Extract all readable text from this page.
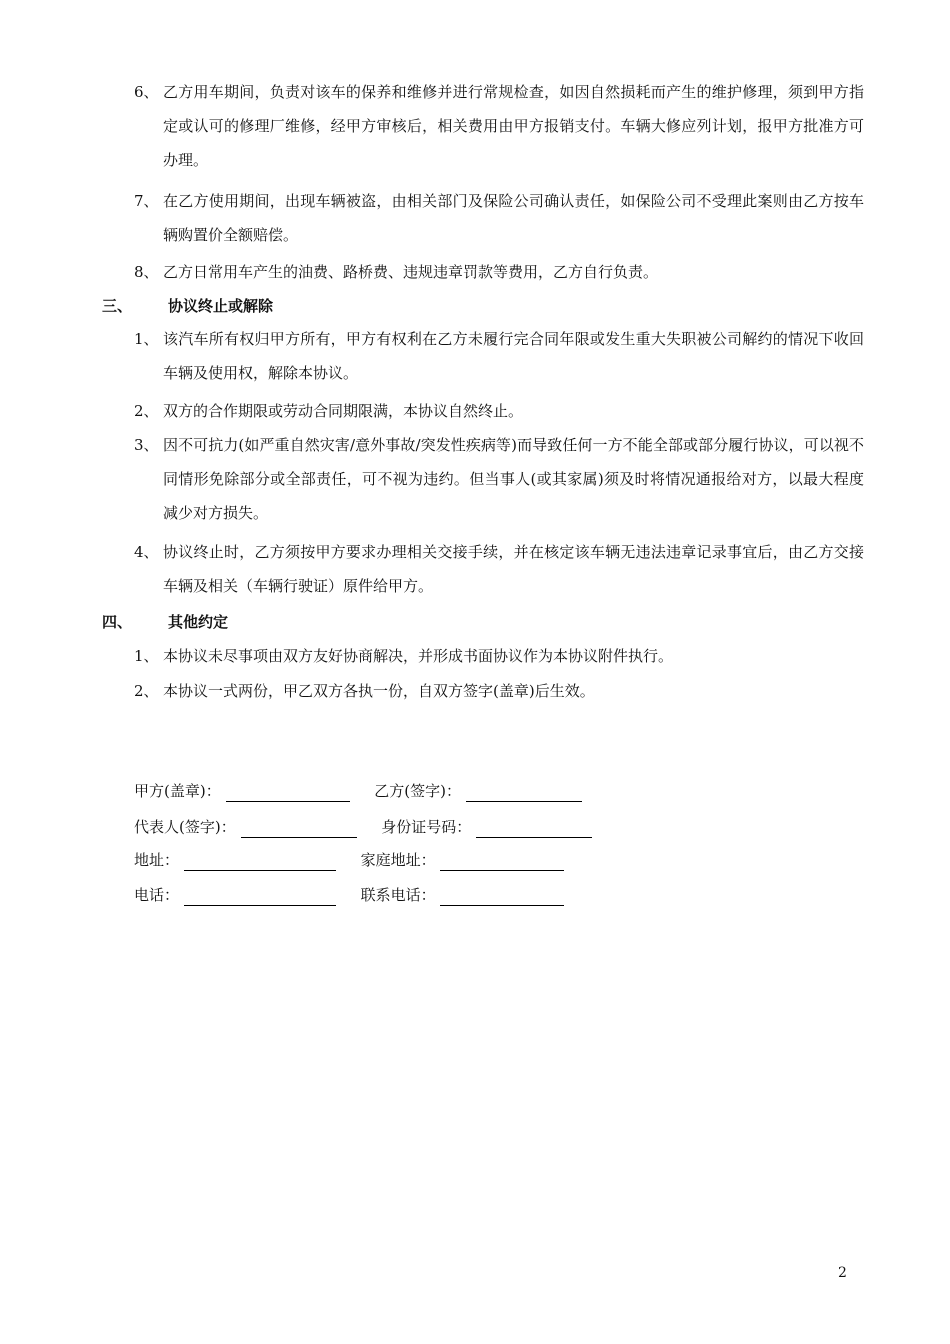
6、 乙方用车期间，负责对该车的保养和维修并进行常规检查，如因自然损耗而产生的维护修理，须到甲方指定或认可的修理厂维修，经甲方审核后，相关费用由甲方报销支付。车辆大修应列计划，报甲方批准方可办理。
7、 在乙方使用期间，出现车辆被盗，由相关部门及保险公司确认责任，如保险公司不受理此案则由乙方按车辆购置价全额赔偿。
8、 乙方日常用车产生的油费、路桥费、违规违章罚款等费用，乙方自行负责。
三、 协议终止或解除
1、 该汽车所有权归甲方所有，甲方有权利在乙方未履行完合同年限或发生重大失职被公司解约的情况下收回车辆及使用权，解除本协议。
2、 双方的合作期限或劳动合同期限满，本协议自然终止。
3、 因不可抗力(如严重自然灾害/意外事故/突发性疾病等)而导致任何一方不能全部或部分履行协议，可以视不同情形免除部分或全部责任，可不视为违约。但当事人(或其家属)须及时将情况通报给对方，以最大程度减少对方损失。
4、 协议终止时，乙方须按甲方要求办理相关交接手续，并在核定该车辆无违法违章记录事宜后，由乙方交接车辆及相关（车辆行驶证）原件给甲方。
四、 其他约定
1、 本协议未尽事项由双方友好协商解决，并形成书面协议作为本协议附件执行。
2、 本协议一式两份，甲乙双方各执一份，自双方签字(盖章)后生效。
甲方(盖章)：	乙方(签字)：
代表人(签字)：	身份证号码：
地址：	家庭地址：
电话：	联系电话：
2
